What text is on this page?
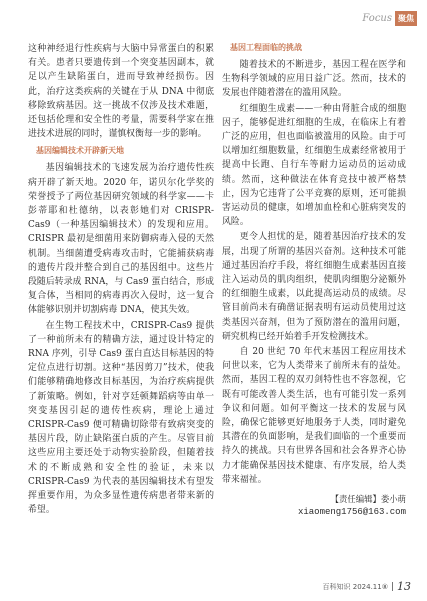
Focus 聚焦

这种神经退行性疾病与大脑中异常蛋白的积累有关。患者只要遗传到一个突变基因副本，就足以产生缺陷蛋白，进而导致神经损伤。因此，治疗这类疾病的关键在于从 DNA 中彻底移除致病基因。这一挑战不仅涉及技术难题，还包括伦理和安全性的考量，需要科学家在推进技术进展的同时，谨慎权衡每一步的影响。

基因编辑技术开辟新天地

基因编辑技术的飞速发展为治疗遗传性疾病开辟了新天地。2020 年，诺贝尔化学奖的荣誉授予了两位基因研究领域的科学家——卡彭蒂耶和杜德纳，以表彰她们对 CRISPR-Cas9（一种基因编辑技术）的发现和应用。CRISPR 最初是细菌用来防御病毒入侵的天然机制。当细菌遭受病毒攻击时，它能捕获病毒的遗传片段并整合到自己的基因组中。这些片段随后转录成 RNA，与 Cas9 蛋白结合，形成复合体，当相同的病毒再次入侵时，这一复合体能够识别并切割病毒 DNA，使其失效。

在生物工程技术中，CRISPR-Cas9 提供了一种前所未有的精确方法，通过设计特定的 RNA 序列，引导 Cas9 蛋白直达目标基因的特定位点进行切割。这种“基因剪刀”技术，使我们能够精确地修改目标基因，为治疗疾病提供了新策略。例如，针对亨廷顿舞蹈病等由单一突变基因引起的遗传性疾病，理论上通过 CRISPR-Cas9 便可精确切除带有致病突变的基因片段，防止缺陷蛋白质的产生。尽管目前这些应用主要还处于动物实验阶段，但随着技术的不断成熟和安全性的验证，未来以 CRISPR-Cas9 为代表的基因编辑技术有望发挥重要作用，为众多显性遗传病患者带来新的希望。

基因工程面临的挑战

随着技术的不断进步，基因工程在医学和生物科学领域的应用日益广泛。然而，技术的发展也伴随着潜在的滥用风险。

红细胞生成素——一种由肾脏合成的细胞因子，能够促进红细胞的生成，在临床上有着广泛的应用，但也面临被滥用的风险。由于可以增加红细胞数量，红细胞生成素经常被用于提高中长跑、自行车等耐力运动员的运动成绩。然而，这种做法在体育竞技中被严格禁止，因为它违背了公平竞赛的原则，还可能损害运动员的健康，如增加血栓和心脏病突发的风险。

更令人担忧的是，随着基因治疗技术的发展，出现了所谓的基因兴奋剂。这种技术可能通过基因治疗手段，将红细胞生成素基因直接注入运动员的肌肉组织，使肌肉细胞分泌额外的红细胞生成素，以此提高运动员的成绩。尽管目前尚未有确凿证据表明有运动员使用过这类基因兴奋剂，但为了预防潜在的滥用问题，研究机构已经开始着手开发检测技术。

自 20 世纪 70 年代末基因工程应用技术问世以来，它为人类带来了前所未有的益处。然而，基因工程的双刃剑特性也不容忽视，它既有可能改善人类生活，也有可能引发一系列争议和问题。如何平衡这一技术的发展与风险，确保它能够更好地服务于人类，同时避免其潜在的负面影响，是我们面临的一个重要而持久的挑战。只有世界各国和社会各界齐心协力才能确保基因技术健康、有序发展，给人类带来福祉。

【责任编辑】娄小萌
xiaomeng1756@163.com
百科知识 2024.11⑧ 13
